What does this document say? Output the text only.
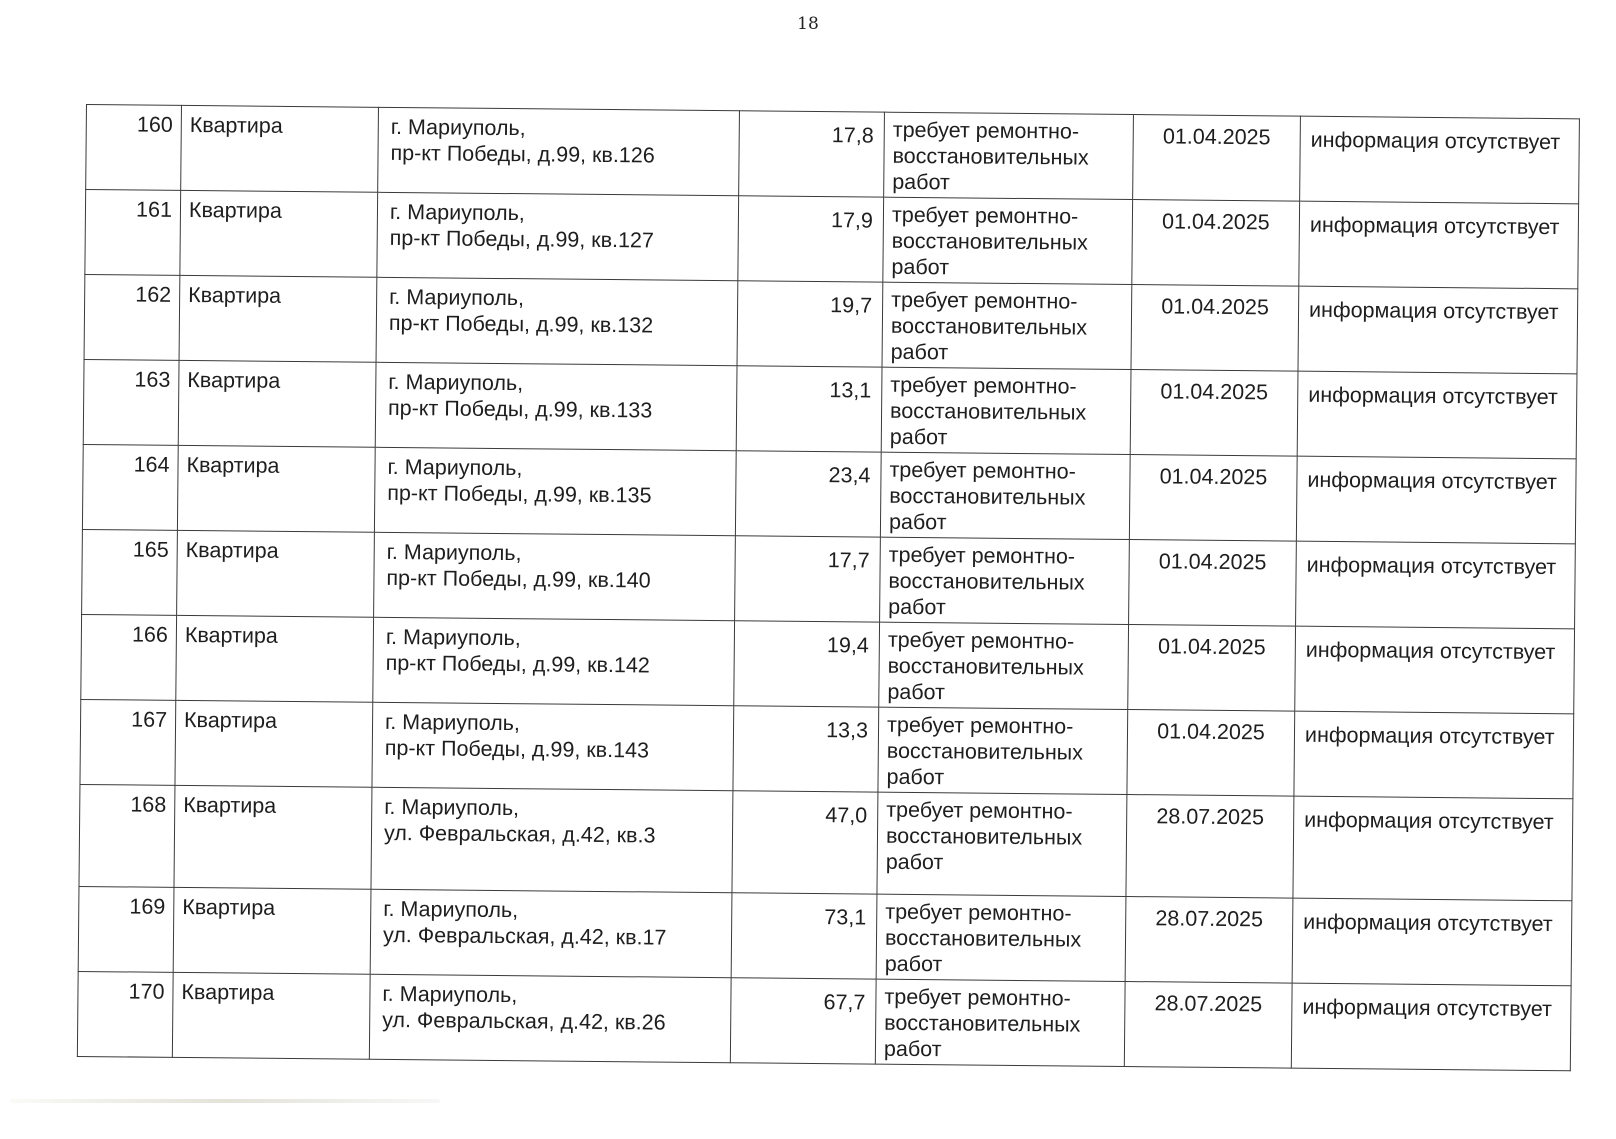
18
160	Квартира	г. Мариуполь,
пр-кт Победы, д.99, кв.126	17,8	требует ремонтно-восстановительных работ	01.04.2025	информация отсутствует
161	Квартира	г. Мариуполь,
пр-кт Победы, д.99, кв.127	17,9	требует ремонтно-восстановительных работ	01.04.2025	информация отсутствует
162	Квартира	г. Мариуполь,
пр-кт Победы, д.99, кв.132	19,7	требует ремонтно-восстановительных работ	01.04.2025	информация отсутствует
163	Квартира	г. Мариуполь,
пр-кт Победы, д.99, кв.133	13,1	требует ремонтно-восстановительных работ	01.04.2025	информация отсутствует
164	Квартира	г. Мариуполь,
пр-кт Победы, д.99, кв.135	23,4	требует ремонтно-восстановительных работ	01.04.2025	информация отсутствует
165	Квартира	г. Мариуполь,
пр-кт Победы, д.99, кв.140	17,7	требует ремонтно-восстановительных работ	01.04.2025	информация отсутствует
166	Квартира	г. Мариуполь,
пр-кт Победы, д.99, кв.142	19,4	требует ремонтно-восстановительных работ	01.04.2025	информация отсутствует
167	Квартира	г. Мариуполь,
пр-кт Победы, д.99, кв.143	13,3	требует ремонтно-восстановительных работ	01.04.2025	информация отсутствует
168	Квартира	г. Мариуполь,
ул. Февральская, д.42, кв.3	47,0	требует ремонтно-восстановительных работ	28.07.2025	информация отсутствует
169	Квартира	г. Мариуполь,
ул. Февральская, д.42, кв.17	73,1	требует ремонтно-восстановительных работ	28.07.2025	информация отсутствует
170	Квартира	г. Мариуполь,
ул. Февральская, д.42, кв.26	67,7	требует ремонтно-восстановительных работ	28.07.2025	информация отсутствует
